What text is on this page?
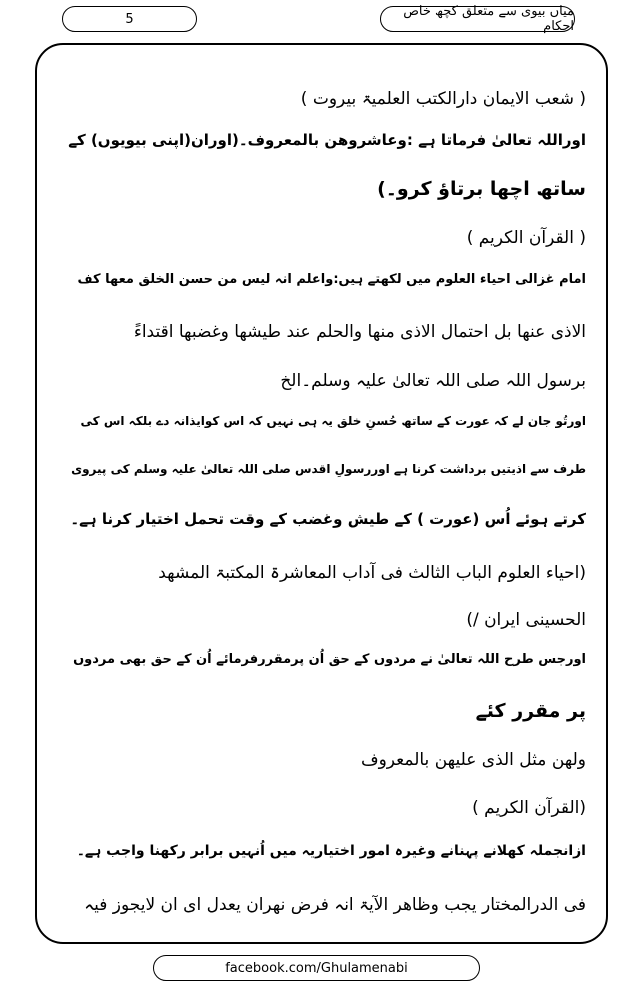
5	میاں بیوی سے متعلق کچھ خاص احکام
( شعب الایمان دارالکتب العلمیۃ بیروت )
اوراللہ تعالیٰ فرماتا ہے :وعاشروھن بالمعروف۔(اوران(اپنی بیویوں) کے
ساتھ اچھا برتاؤ کرو۔)
( القرآن الکریم )
امام غزالی احیاء العلوم میں لکھتے ہیں:واعلم انہ لیس من حسن الخلق معھا کف
الاذی عنھا بل احتمال الاذی منھا والحلم عند طیشھا وغضبھا اقتداءً
برسول اللہ صلی اللہ تعالیٰ علیہ وسلم۔الخ
اورتُو جان لے کہ عورت کے ساتھ حُسنِ خلق یہ ہی نہیں کہ اس کوایذانہ دے بلکہ اس کی
طرف سے اذیتیں برداشت کرنا ہے اوررسولِ اقدس صلی اللہ تعالیٰ علیہ وسلم کی پیروی
کرتے ہوئے اُس (عورت ) کے طیش وغضب کے وقت تحمل اختیار کرنا ہے۔
(احیاء العلوم الباب الثالث فی آداب المعاشرۃ المکتبۃ المشھد
الحسینی ایران /)
اورجس طرح اللہ تعالیٰ نے مردوں کے حق اُن پرمقررفرمائے اُن کے حق بھی مردوں
پر مقرر کئے
ولھن مثل الذی علیھن بالمعروف
(القرآن الکریم )
ازانجملہ کھلانے پہنانے وغیرہ امور اختیاریہ میں اُنہیں برابر رکھنا واجب ہے۔
فی الدرالمختار یجب وظاھر الآیۃ انہ فرض نھران یعدل ای ان لایجوز فیہ
facebook.com/Ghulamenabi
